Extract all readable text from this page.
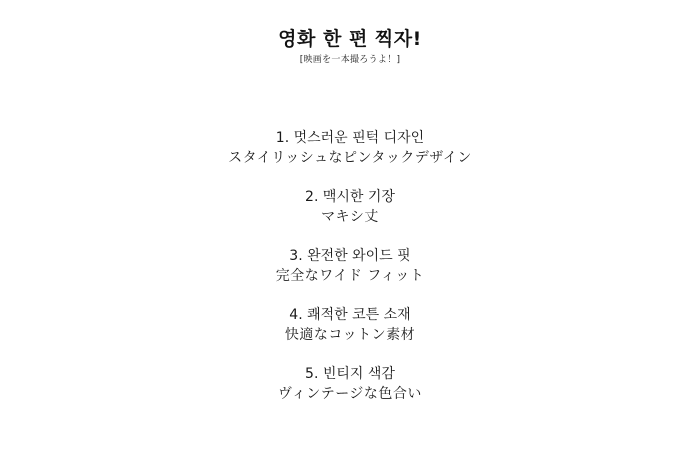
영화 한 편 찍자!
[映画を一本撮ろうよ！]
1. 멋스러운 핀턱 디자인
スタイリッシュなピンタックデザイン
2. 맥시한 기장
マキシ丈
3. 완전한 와이드 핏
完全なワイド フィット
4. 쾌적한 코튼 소재
快適なコットン素材
5. 빈티지 색감
ヴィンテージな色合い
